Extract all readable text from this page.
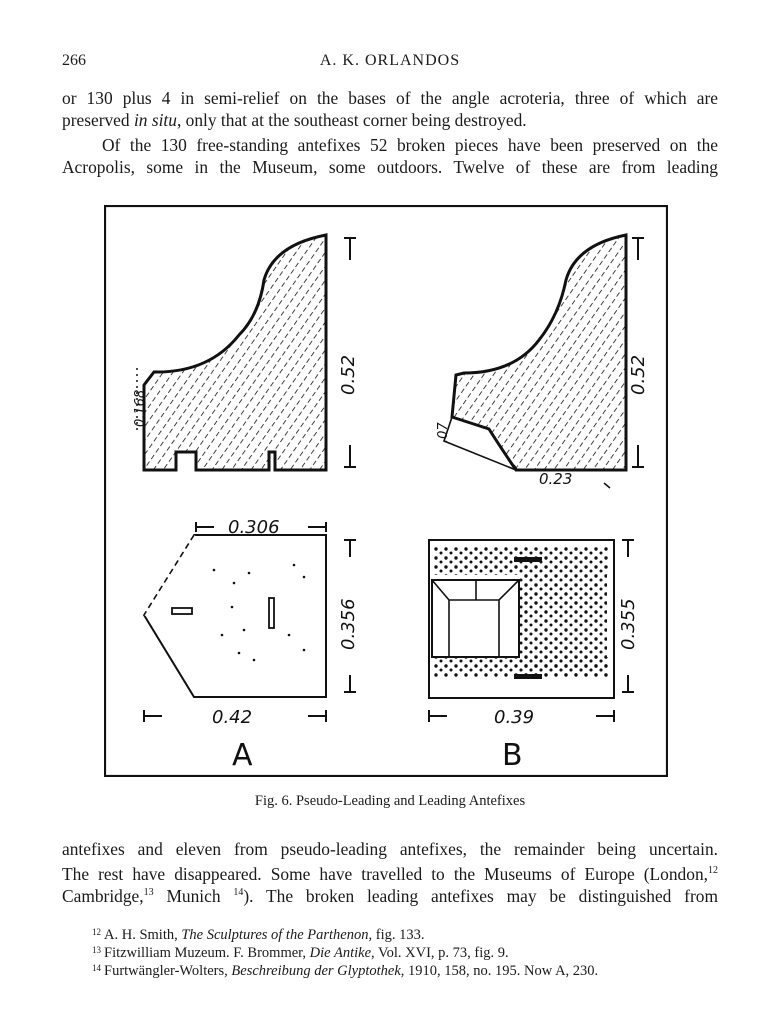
266	A. K. ORLANDOS
or 130 plus 4 in semi-relief on the bases of the angle acroteria, three of which are
preserved in situ, only that at the southeast corner being destroyed.
Of the 130 free-standing antefixes 52 broken pieces have been preserved on the
Acropolis, some in the Museum, some outdoors. Twelve of these are from leading
0.168
0.52	0.52
.07
0.23
0.306
0.356
0.42
A
0.355
0.39
B
Fig. 6. Pseudo-Leading and Leading Antefixes
antefixes and eleven from pseudo-leading antefixes, the remainder being uncertain.
The rest have disappeared. Some have travelled to the Museums of Europe (London,$^{12}$
Cambridge,$^{13}$ Munich $^{14}$). The broken leading antefixes may be distinguished from
$^{12}$ A. H. Smith, The Sculptures of the Parthenon, fig. 133.
$^{13}$ Fitzwilliam Muzeum. F. Brommer, Die Antike, Vol. XVI, p. 73, fig. 9.
$^{14}$ Furtwängler-Wolters, Beschreibung der Glyptothek, 1910, 158, no. 195. Now A, 230.
